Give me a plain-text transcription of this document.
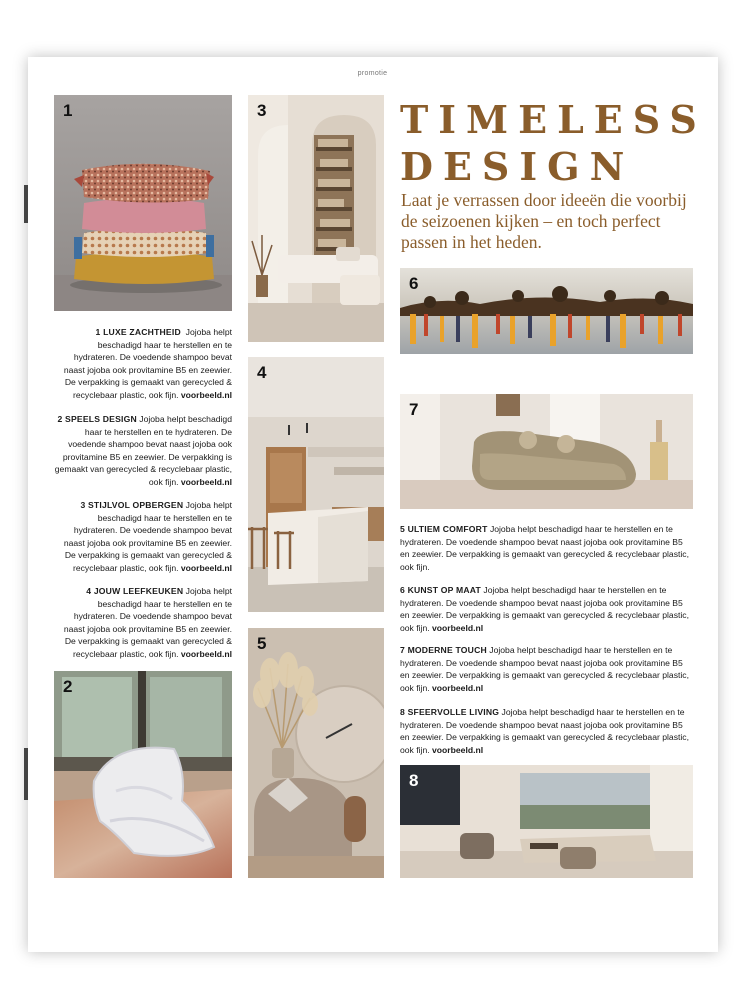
promotie
1
2
3
4
5
6
7
8
TIMELESS
DESIGN

Laat je verrassen door ideeën die voorbij de seizoenen kijken – en toch perfect passen in het heden.

1 LUXE ZACHTHEID Jojoba helpt beschadigd haar te herstellen en te hydrateren. De voedende shampoo bevat naast jojoba ook provitamine B5 en zeewier. De verpakking is gemaakt van gerecycled & recyclebaar plastic, ook fijn. voorbeeld.nl

2 SPEELS DESIGN Jojoba helpt beschadigd haar te herstellen en te hydrateren. De voedende shampoo bevat naast jojoba ook provitamine B5 en zeewier. De verpakking is gemaakt van gerecycled & recyclebaar plastic, ook fijn. voorbeeld.nl

3 STIJLVOL OPBERGEN Jojoba helpt beschadigd haar te herstellen en te hydrateren. De voedende shampoo bevat naast jojoba ook provitamine B5 en zeewier. De verpakking is gemaakt van gerecycled & recyclebaar plastic, ook fijn. voorbeeld.nl

4 JOUW LEEFKEUKEN Jojoba helpt beschadigd haar te herstellen en te hydrateren. De voedende shampoo bevat naast jojoba ook provitamine B5 en zeewier. De verpakking is gemaakt van gerecycled & recyclebaar plastic, ook fijn. voorbeeld.nl

5 ULTIEM COMFORT Jojoba helpt beschadigd haar te herstellen en te hydrateren. De voedende shampoo bevat naast jojoba ook provitamine B5 en zeewier. De verpakking is gemaakt van gerecycled & recyclebaar plastic, ook fijn.

6 KUNST OP MAAT Jojoba helpt beschadigd haar te herstellen en te hydrateren. De voedende shampoo bevat naast jojoba ook provitamine B5 en zeewier. De verpakking is gemaakt van gerecycled & recyclebaar plastic, ook fijn. voorbeeld.nl

7 MODERNE TOUCH Jojoba helpt beschadigd haar te herstellen en te hydrateren. De voedende shampoo bevat naast jojoba ook provitamine B5 en zeewier. De verpakking is gemaakt van gerecycled & recyclebaar plastic, ook fijn. voorbeeld.nl

8 SFEERVOLLE LIVING Jojoba helpt beschadigd haar te herstellen en te hydrateren. De voedende shampoo bevat naast jojoba ook provitamine B5 en zeewier. De verpakking is gemaakt van gerecycled & recyclebaar plastic, ook fijn. voorbeeld.nl
